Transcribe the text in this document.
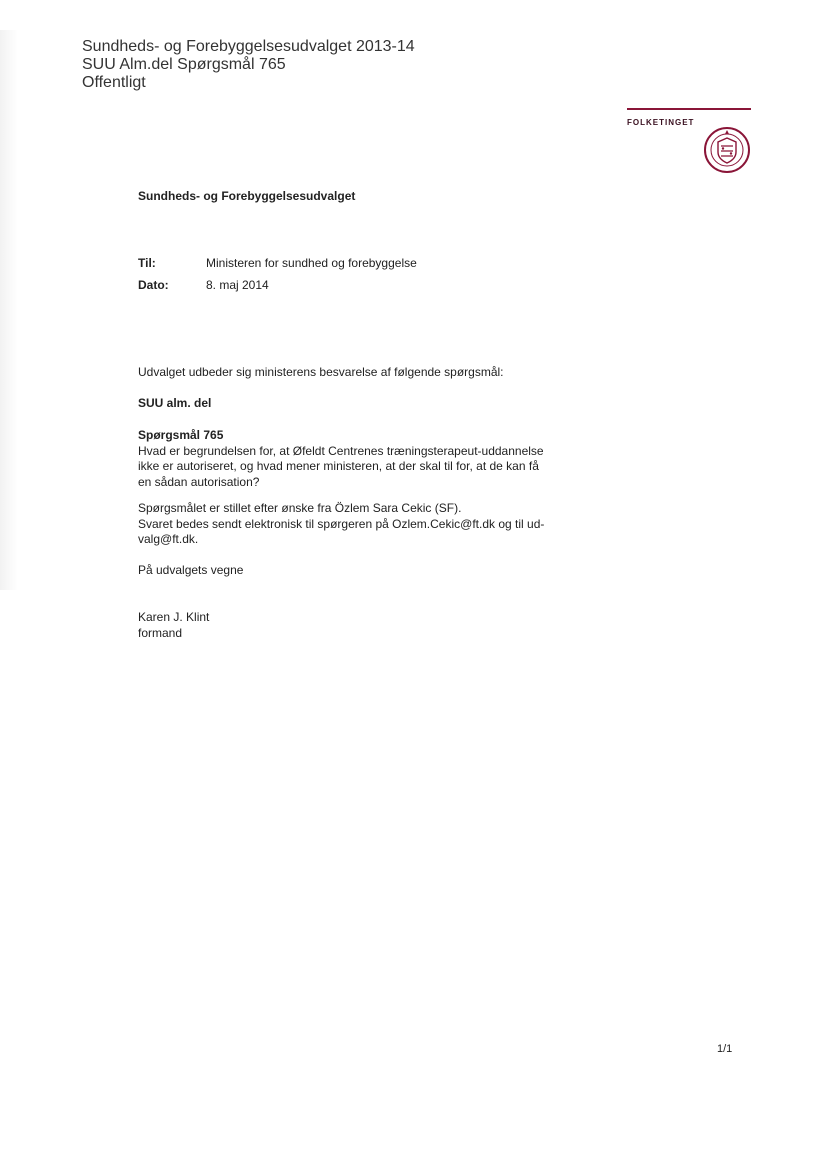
Sundheds- og Forebyggelsesudvalget 2013-14
SUU Alm.del Spørgsmål 765
Offentligt
FOLKETINGET
Sundheds- og Forebyggelsesudvalget
Til:	Ministeren for sundhed og forebyggelse
Dato:	8. maj 2014
Udvalget udbeder sig ministerens besvarelse af følgende spørgsmål:
SUU alm. del
Spørgsmål 765
Hvad er begrundelsen for, at Øfeldt Centrenes træningsterapeut-uddannelse
ikke er autoriseret, og hvad mener ministeren, at der skal til for, at de kan få
en sådan autorisation?
Spørgsmålet er stillet efter ønske fra Özlem Sara Cekic (SF).
Svaret bedes sendt elektronisk til spørgeren på Ozlem.Cekic@ft.dk og til ud-
valg@ft.dk.
På udvalgets vegne
Karen J. Klint
formand
1/1
